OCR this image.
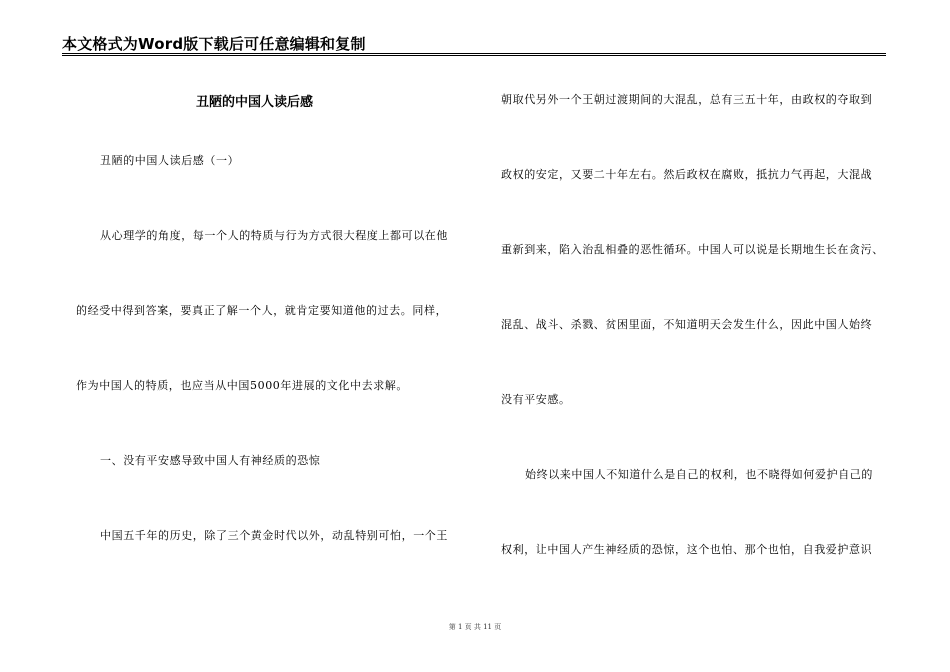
本文格式为Word版下载后可任意编辑和复制
丑陋的中国人读后感
丑陋的中国人读后感（一）
从心理学的角度，每一个人的特质与行为方式很大程度上都可以在他
的经受中得到答案，要真正了解一个人，就肯定要知道他的过去。同样，
作为中国人的特质，也应当从中国5000年进展的文化中去求解。
一、没有平安感导致中国人有神经质的恐惊
中国五千年的历史，除了三个黄金时代以外，动乱特别可怕，一个王
朝取代另外一个王朝过渡期间的大混乱，总有三五十年，由政权的夺取到
政权的安定，又要二十年左右。然后政权在腐败，抵抗力气再起，大混战
重新到来，陷入治乱相叠的恶性循环。中国人可以说是长期地生长在贪污、
混乱、战斗、杀戮、贫困里面，不知道明天会发生什么，因此中国人始终
没有平安感。
始终以来中国人不知道什么是自己的权利，也不晓得如何爱护自己的
权利，让中国人产生神经质的恐惊，这个也怕、那个也怕，自我爱护意识
第 1 页 共 11 页
